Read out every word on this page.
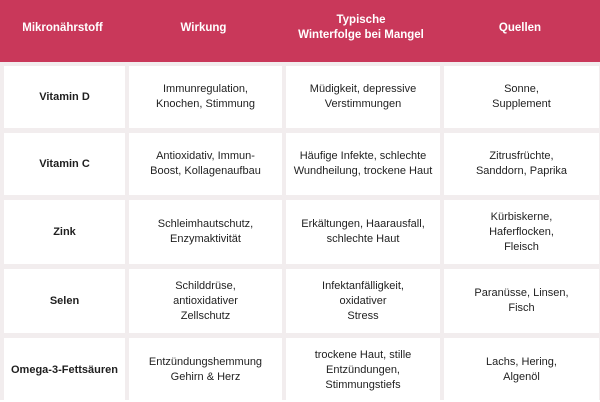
Mikronährstoff	Wirkung
Typische
Winterfolge bei Mangel
Quellen
Vitamin D
Immunregulation,
Knochen, Stimmung
Müdigkeit, depressive
Verstimmungen
Sonne,
Supplement
Vitamin C
Antioxidativ, Immun-
Boost, Kollagenaufbau
Häufige Infekte, schlechte
Wundheilung, trockene Haut
Zitrusfrüchte,
Sanddorn, Paprika
Zink
Schleimhautschutz,
Enzymaktivität
Erkältungen, Haarausfall,
schlechte Haut
Kürbiskerne,
Haferflocken,
Fleisch
Selen
Schilddrüse,
antioxidativer
Zellschutz
Infektanfälligkeit,
oxidativer
Stress
Paranüsse, Linsen,
Fisch
Omega-3-Fettsäuren
Entzündungshemmung
Gehirn & Herz
trockene Haut, stille
Entzündungen,
Stimmungstiefs
Lachs, Hering,
Algenöl
